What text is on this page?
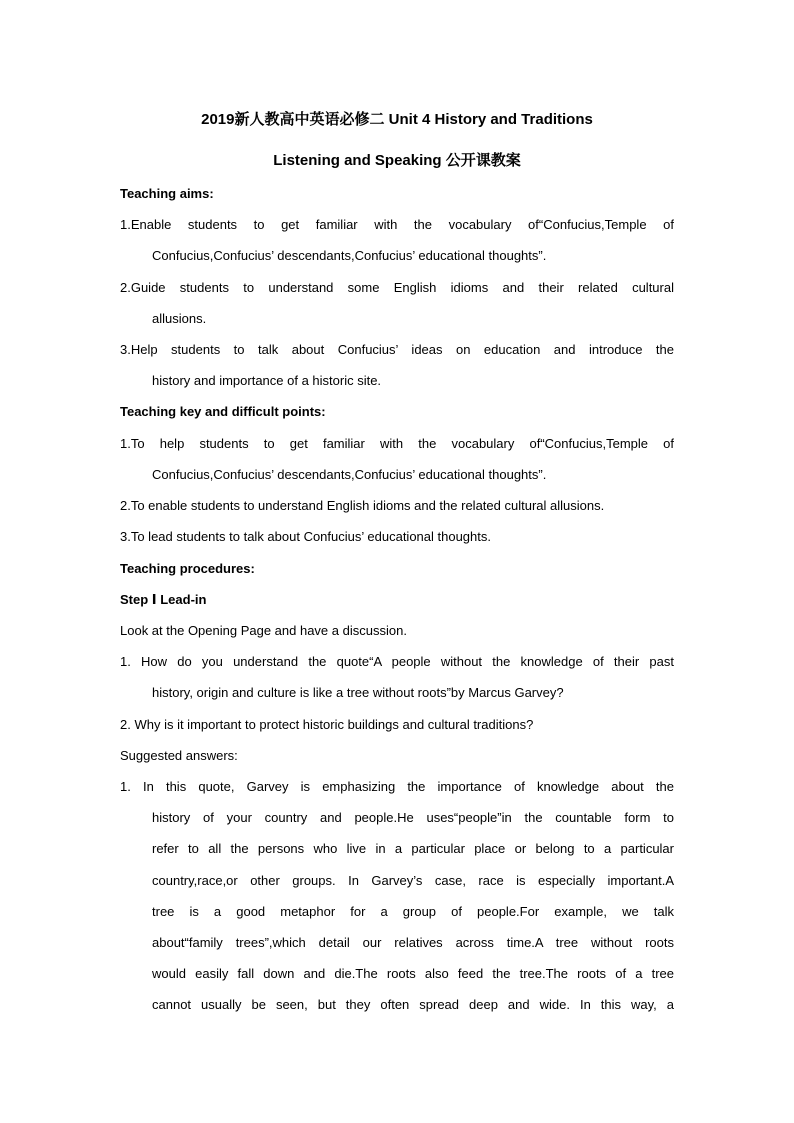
2019新人教高中英语必修二 Unit 4 History and Traditions
Listening and Speaking 公开课教案
Teaching aims:
1.Enable students to get familiar with the vocabulary of“Confucius,Temple of
Confucius,Confucius’ descendants,Confucius’ educational thoughts”.
2.Guide students to understand some English idioms and their related cultural
allusions.
3.Help students to talk about Confucius’ ideas on education and introduce the
history and importance of a historic site.
Teaching key and difficult points:
1.To help students to get familiar with the vocabulary of“Confucius,Temple of
Confucius,Confucius’ descendants,Confucius’ educational thoughts”.
2.To enable students to understand English idioms and the related cultural allusions.
3.To lead students to talk about Confucius’ educational thoughts.
Teaching procedures:
Step Ⅰ Lead-in
Look at the Opening Page and have a discussion.
1. How do you understand the quote“A people without the knowledge of their past
history, origin and culture is like a tree without roots”by Marcus Garvey?
2. Why is it important to protect historic buildings and cultural traditions?
Suggested answers:
1. In this quote, Garvey is emphasizing the importance of knowledge about the
history of your country and people.He uses“people”in the countable form to
refer to all the persons who live in a particular place or belong to a particular
country,race,or other groups. In Garvey’s case, race is especially important.A
tree is a good metaphor for a group of people.For example, we talk
about“family trees”,which detail our relatives across time.A tree without roots
would easily fall down and die.The roots also feed the tree.The roots of a tree
cannot usually be seen, but they often spread deep and wide. In this way, a
